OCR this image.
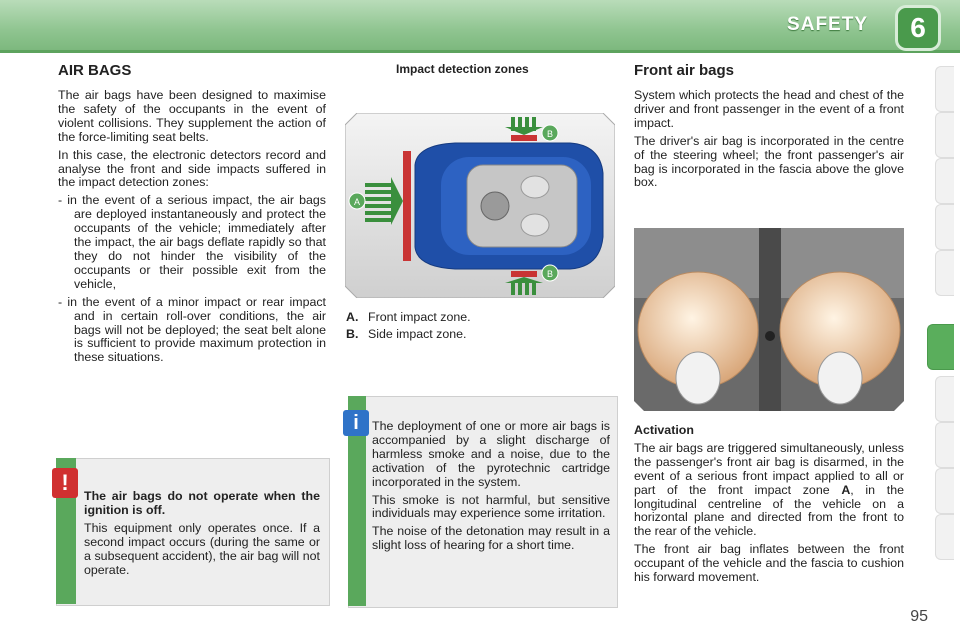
SAFETY	6
AIR BAGS

The air bags have been designed to maximise the safety of the occupants in the event of violent collisions. They supplement the action of the force-limiting seat belts.

In this case, the electronic detectors record and analyse the front and side impacts suffered in the impact detection zones:

- in the event of a serious impact, the air bags are deployed instantaneously and protect the occupants of the vehicle; immediately after the impact, the air bags deflate rapidly so that they do not hinder the visibility of the occupants or their possible exit from the vehicle,

- in the event of a minor impact or rear impact and in certain roll-over conditions, the air bags will not be deployed; the seat belt alone is sufficient to provide maximum protection in these situations.

!

The air bags do not operate when the ignition is off.

This equipment only operates once. If a second impact occurs (during the same or a subsequent accident), the air bag will not operate.

Impact detection zones
A
B
B

A. Front impact zone.

B. Side impact zone.

i	The deployment of one or more air bags is accompanied by a slight discharge of harmless smoke and a noise, due to the activation of the pyrotechnic cartridge incorporated in the system.

This smoke is not harmful, but sensitive individuals may experience some irritation.

The noise of the detonation may result in a slight loss of hearing for a short time.

Front air bags

System which protects the head and chest of the driver and front passenger in the event of a front impact.

The driver's air bag is incorporated in the centre of the steering wheel; the front passenger's air bag is incorporated in the fascia above the glove box.

Activation

The air bags are triggered simultaneously, unless the passenger's front air bag is disarmed, in the event of a serious front impact applied to all or part of the front impact zone A, in the longitudinal centreline of the vehicle on a horizontal plane and directed from the front to the rear of the vehicle.

The front air bag inflates between the front occupant of the vehicle and the fascia to cushion his forward movement.

95
